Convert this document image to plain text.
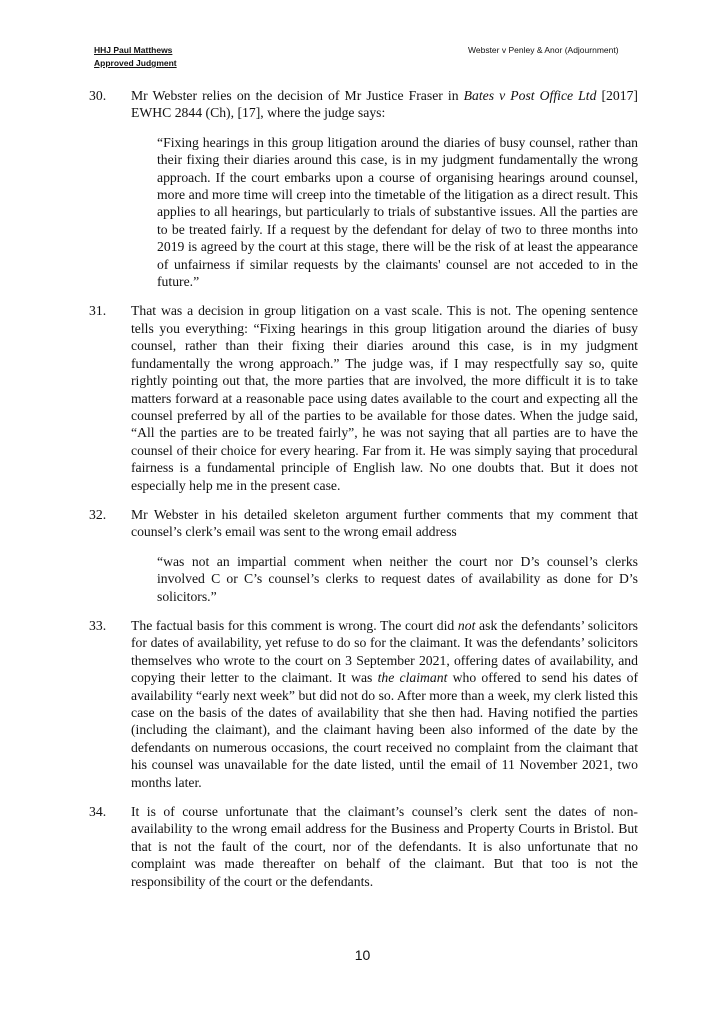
HHJ Paul Matthews
Approved Judgment
Webster v Penley & Anor (Adjournment)
30. Mr Webster relies on the decision of Mr Justice Fraser in Bates v Post Office Ltd [2017] EWHC 2844 (Ch), [17], where the judge says:
“Fixing hearings in this group litigation around the diaries of busy counsel, rather than their fixing their diaries around this case, is in my judgment fundamentally the wrong approach. If the court embarks upon a course of organising hearings around counsel, more and more time will creep into the timetable of the litigation as a direct result. This applies to all hearings, but particularly to trials of substantive issues. All the parties are to be treated fairly. If a request by the defendant for delay of two to three months into 2019 is agreed by the court at this stage, there will be the risk of at least the appearance of unfairness if similar requests by the claimants' counsel are not acceded to in the future.”
31. That was a decision in group litigation on a vast scale. This is not. The opening sentence tells you everything: “Fixing hearings in this group litigation around the diaries of busy counsel, rather than their fixing their diaries around this case, is in my judgment fundamentally the wrong approach.” The judge was, if I may respectfully say so, quite rightly pointing out that, the more parties that are involved, the more difficult it is to take matters forward at a reasonable pace using dates available to the court and expecting all the counsel preferred by all of the parties to be available for those dates. When the judge said, “All the parties are to be treated fairly”, he was not saying that all parties are to have the counsel of their choice for every hearing. Far from it. He was simply saying that procedural fairness is a fundamental principle of English law. No one doubts that. But it does not especially help me in the present case.
32. Mr Webster in his detailed skeleton argument further comments that my comment that counsel’s clerk’s email was sent to the wrong email address
“was not an impartial comment when neither the court nor D’s counsel’s clerks involved C or C’s counsel’s clerks to request dates of availability as done for D’s solicitors.”
33. The factual basis for this comment is wrong. The court did not ask the defendants’ solicitors for dates of availability, yet refuse to do so for the claimant. It was the defendants’ solicitors themselves who wrote to the court on 3 September 2021, offering dates of availability, and copying their letter to the claimant. It was the claimant who offered to send his dates of availability “early next week” but did not do so. After more than a week, my clerk listed this case on the basis of the dates of availability that she then had. Having notified the parties (including the claimant), and the claimant having been also informed of the date by the defendants on numerous occasions, the court received no complaint from the claimant that his counsel was unavailable for the date listed, until the email of 11 November 2021, two months later.
34. It is of course unfortunate that the claimant’s counsel’s clerk sent the dates of non-availability to the wrong email address for the Business and Property Courts in Bristol. But that is not the fault of the court, nor of the defendants. It is also unfortunate that no complaint was made thereafter on behalf of the claimant. But that too is not the responsibility of the court or the defendants.
10
